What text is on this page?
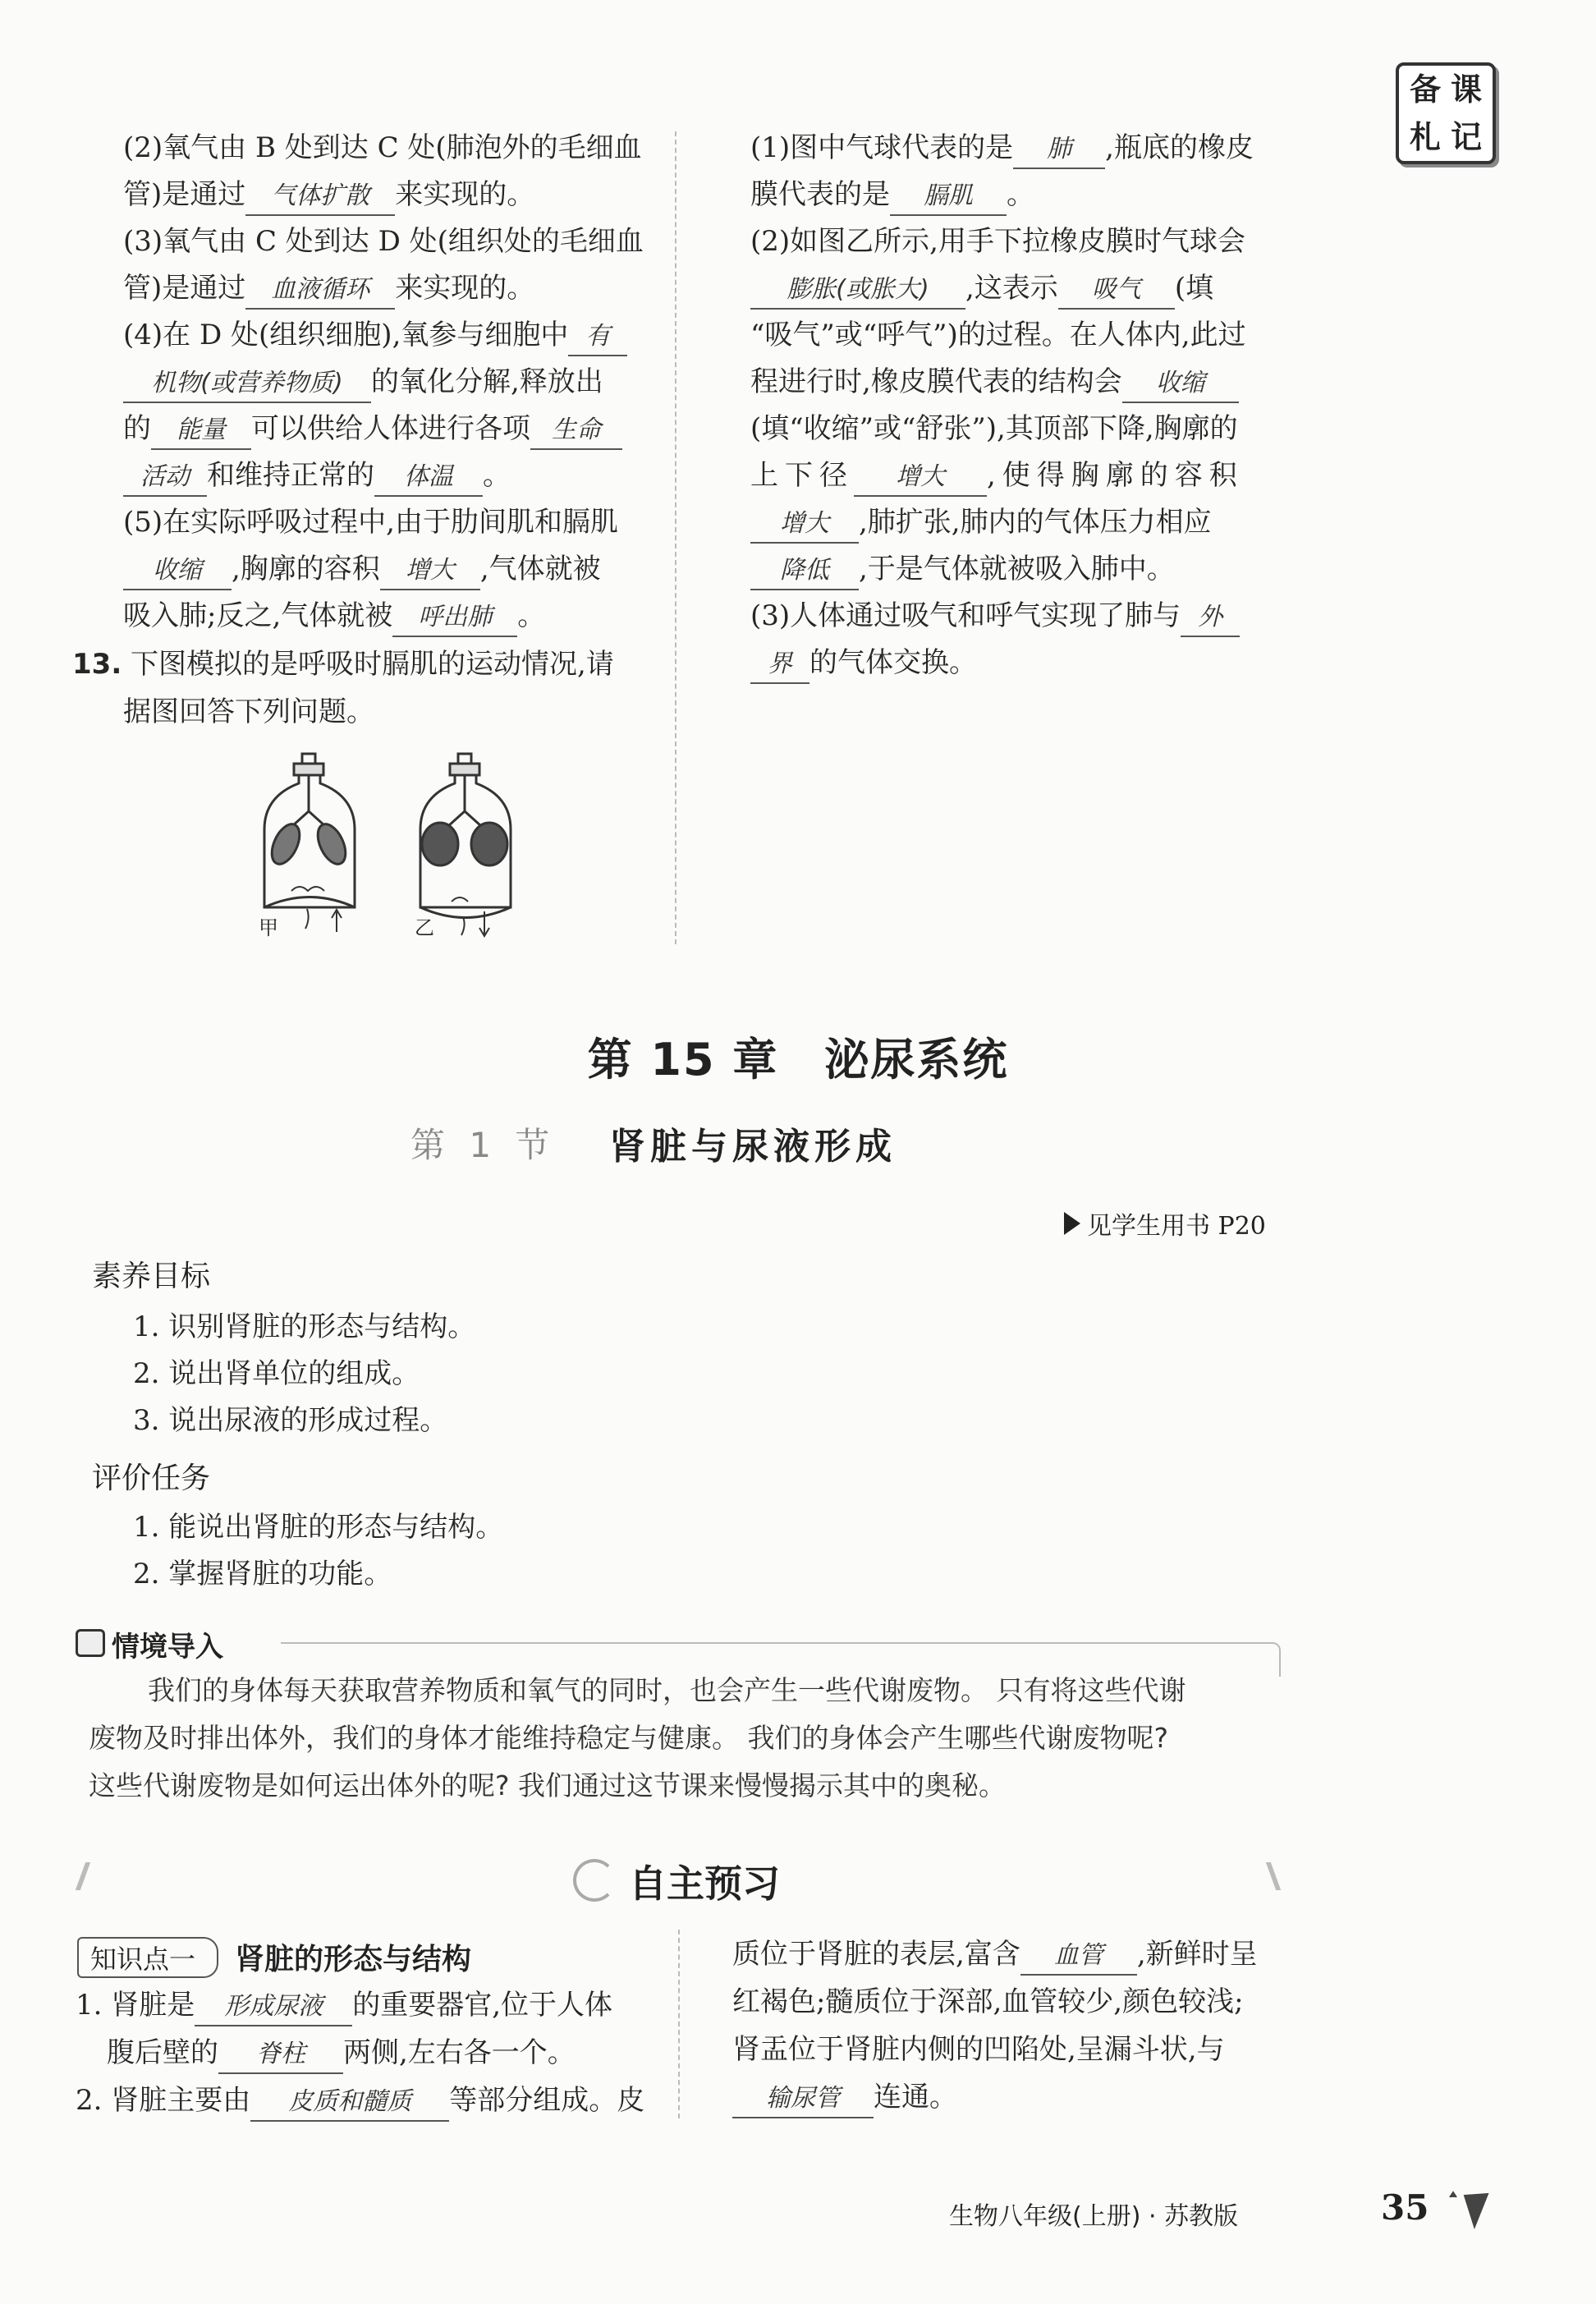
备 课
札 记
(2)氧气由 B 处到达 C 处(肺泡外的毛细血
管)是通过 气体扩散 来实现的。
(3)氧气由 C 处到达 D 处(组织处的毛细血
管)是通过 血液循环 来实现的。
(4)在 D 处(组织细胞),氧参与细胞中 有
机物(或营养物质) 的氧化分解,释放出
的 能量 可以供给人体进行各项 生命
活动 和维持正常的 体温 。
(5)在实际呼吸过程中,由于肋间肌和膈肌
收缩 ,胸廓的容积 增大 ,气体就被
吸入肺;反之,气体就被 呼出肺 。
13. 下图模拟的是呼吸时膈肌的运动情况,请
据图回答下列问题。
甲	乙
(1)图中气球代表的是 肺 ,瓶底的橡皮
膜代表的是 膈肌 。
(2)如图乙所示,用手下拉橡皮膜时气球会
膨胀(或胀大) ,这表示 吸气 (填
“吸气”或“呼气”)的过程。在人体内,此过
程进行时,橡皮膜代表的结构会 收缩
(填“收缩”或“舒张”),其顶部下降,胸廓的
上下径 增大 ,使得胸廓的容积
增大 ,肺扩张,肺内的气体压力相应
降低 ,于是气体就被吸入肺中。
(3)人体通过吸气和呼气实现了肺与 外
界 的气体交换。
第 15 章　泌尿系统
第 1 节 肾脏与尿液形成
见学生用书 P20
素养目标
1. 识别肾脏的形态与结构。
2. 说出肾单位的组成。
3. 说出尿液的形成过程。
评价任务
1. 能说出肾脏的形态与结构。
2. 掌握肾脏的功能。
情境导入
我们的身体每天获取营养物质和氧气的同时，也会产生一些代谢废物。 只有将这些代谢
废物及时排出体外，我们的身体才能维持稳定与健康。 我们的身体会产生哪些代谢废物呢?
这些代谢废物是如何运出体外的呢? 我们通过这节课来慢慢揭示其中的奥秘。
自主预习
知识点一	肾脏的形态与结构
1. 肾脏是 形成尿液 的重要器官,位于人体
腹后壁的 脊柱 两侧,左右各一个。
2. 肾脏主要由 皮质和髓质 等部分组成。皮
质位于肾脏的表层,富含 血管 ,新鲜时呈
红褐色;髓质位于深部,血管较少,颜色较浅;
肾盂位于肾脏内侧的凹陷处,呈漏斗状,与
输尿管 连通。
生物八年级(上册) · 苏教版	35
